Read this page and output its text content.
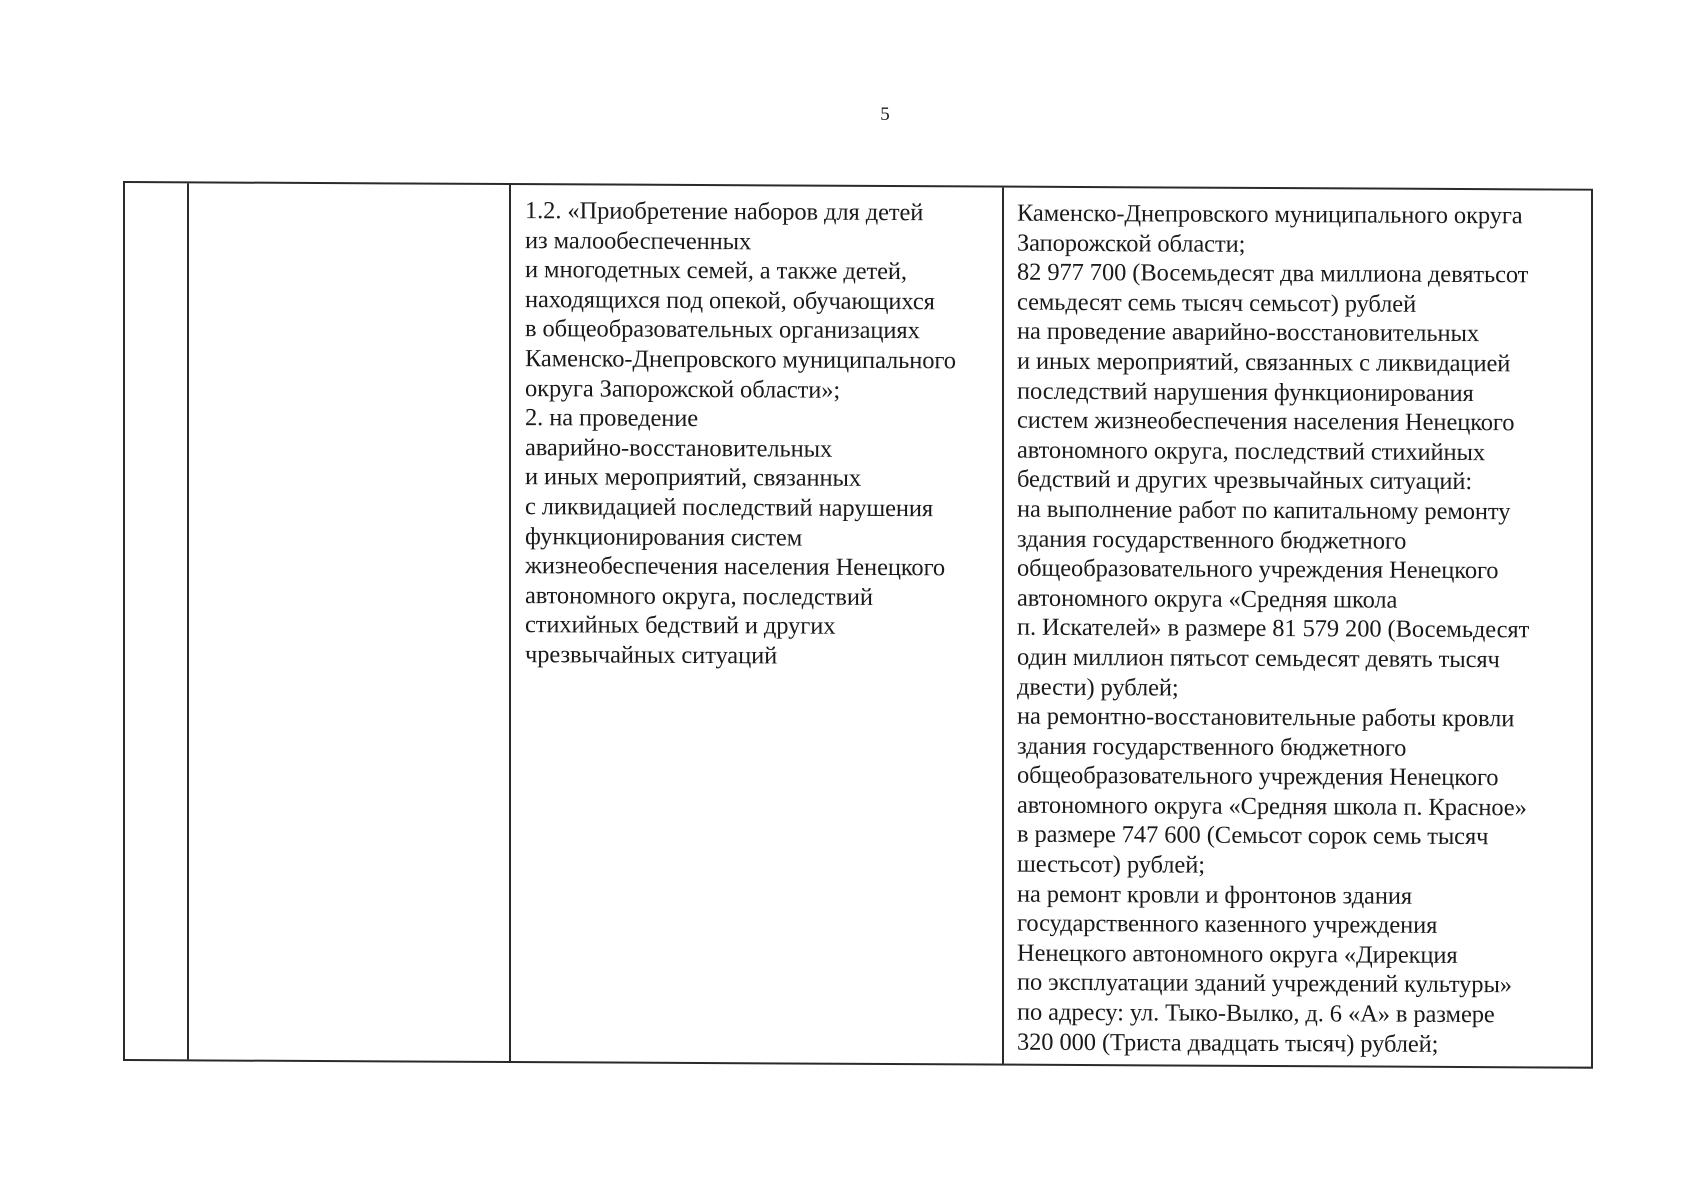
5
1.2. «Приобретение наборов для детей
из малообеспеченных
и многодетных семей, а также детей,
находящихся под опекой, обучающихся
в общеобразовательных организациях
Каменско-Днепровского муниципального
округа Запорожской области»;
2. на проведение
аварийно-восстановительных
и иных мероприятий, связанных
с ликвидацией последствий нарушения
функционирования систем
жизнеобеспечения населения Ненецкого
автономного округа, последствий
стихийных бедствий и других
чрезвычайных ситуаций
Каменско-Днепровского муниципального округа
Запорожской области;
82 977 700 (Восемьдесят два миллиона девятьсот
семьдесят семь тысяч семьсот) рублей
на проведение аварийно-восстановительных
и иных мероприятий, связанных с ликвидацией
последствий нарушения функционирования
систем жизнеобеспечения населения Ненецкого
автономного округа, последствий стихийных
бедствий и других чрезвычайных ситуаций:
на выполнение работ по капитальному ремонту
здания государственного бюджетного
общеобразовательного учреждения Ненецкого
автономного округа «Средняя школа
п. Искателей» в размере 81 579 200 (Восемьдесят
один миллион пятьсот семьдесят девять тысяч
двести) рублей;
на ремонтно-восстановительные работы кровли
здания государственного бюджетного
общеобразовательного учреждения Ненецкого
автономного округа «Средняя школа п. Красное»
в размере 747 600 (Семьсот сорок семь тысяч
шестьсот) рублей;
на ремонт кровли и фронтонов здания
государственного казенного учреждения
Ненецкого автономного округа «Дирекция
по эксплуатации зданий учреждений культуры»
по адресу: ул. Тыко-Вылко, д. 6 «А» в размере
320 000 (Триста двадцать тысяч) рублей;
